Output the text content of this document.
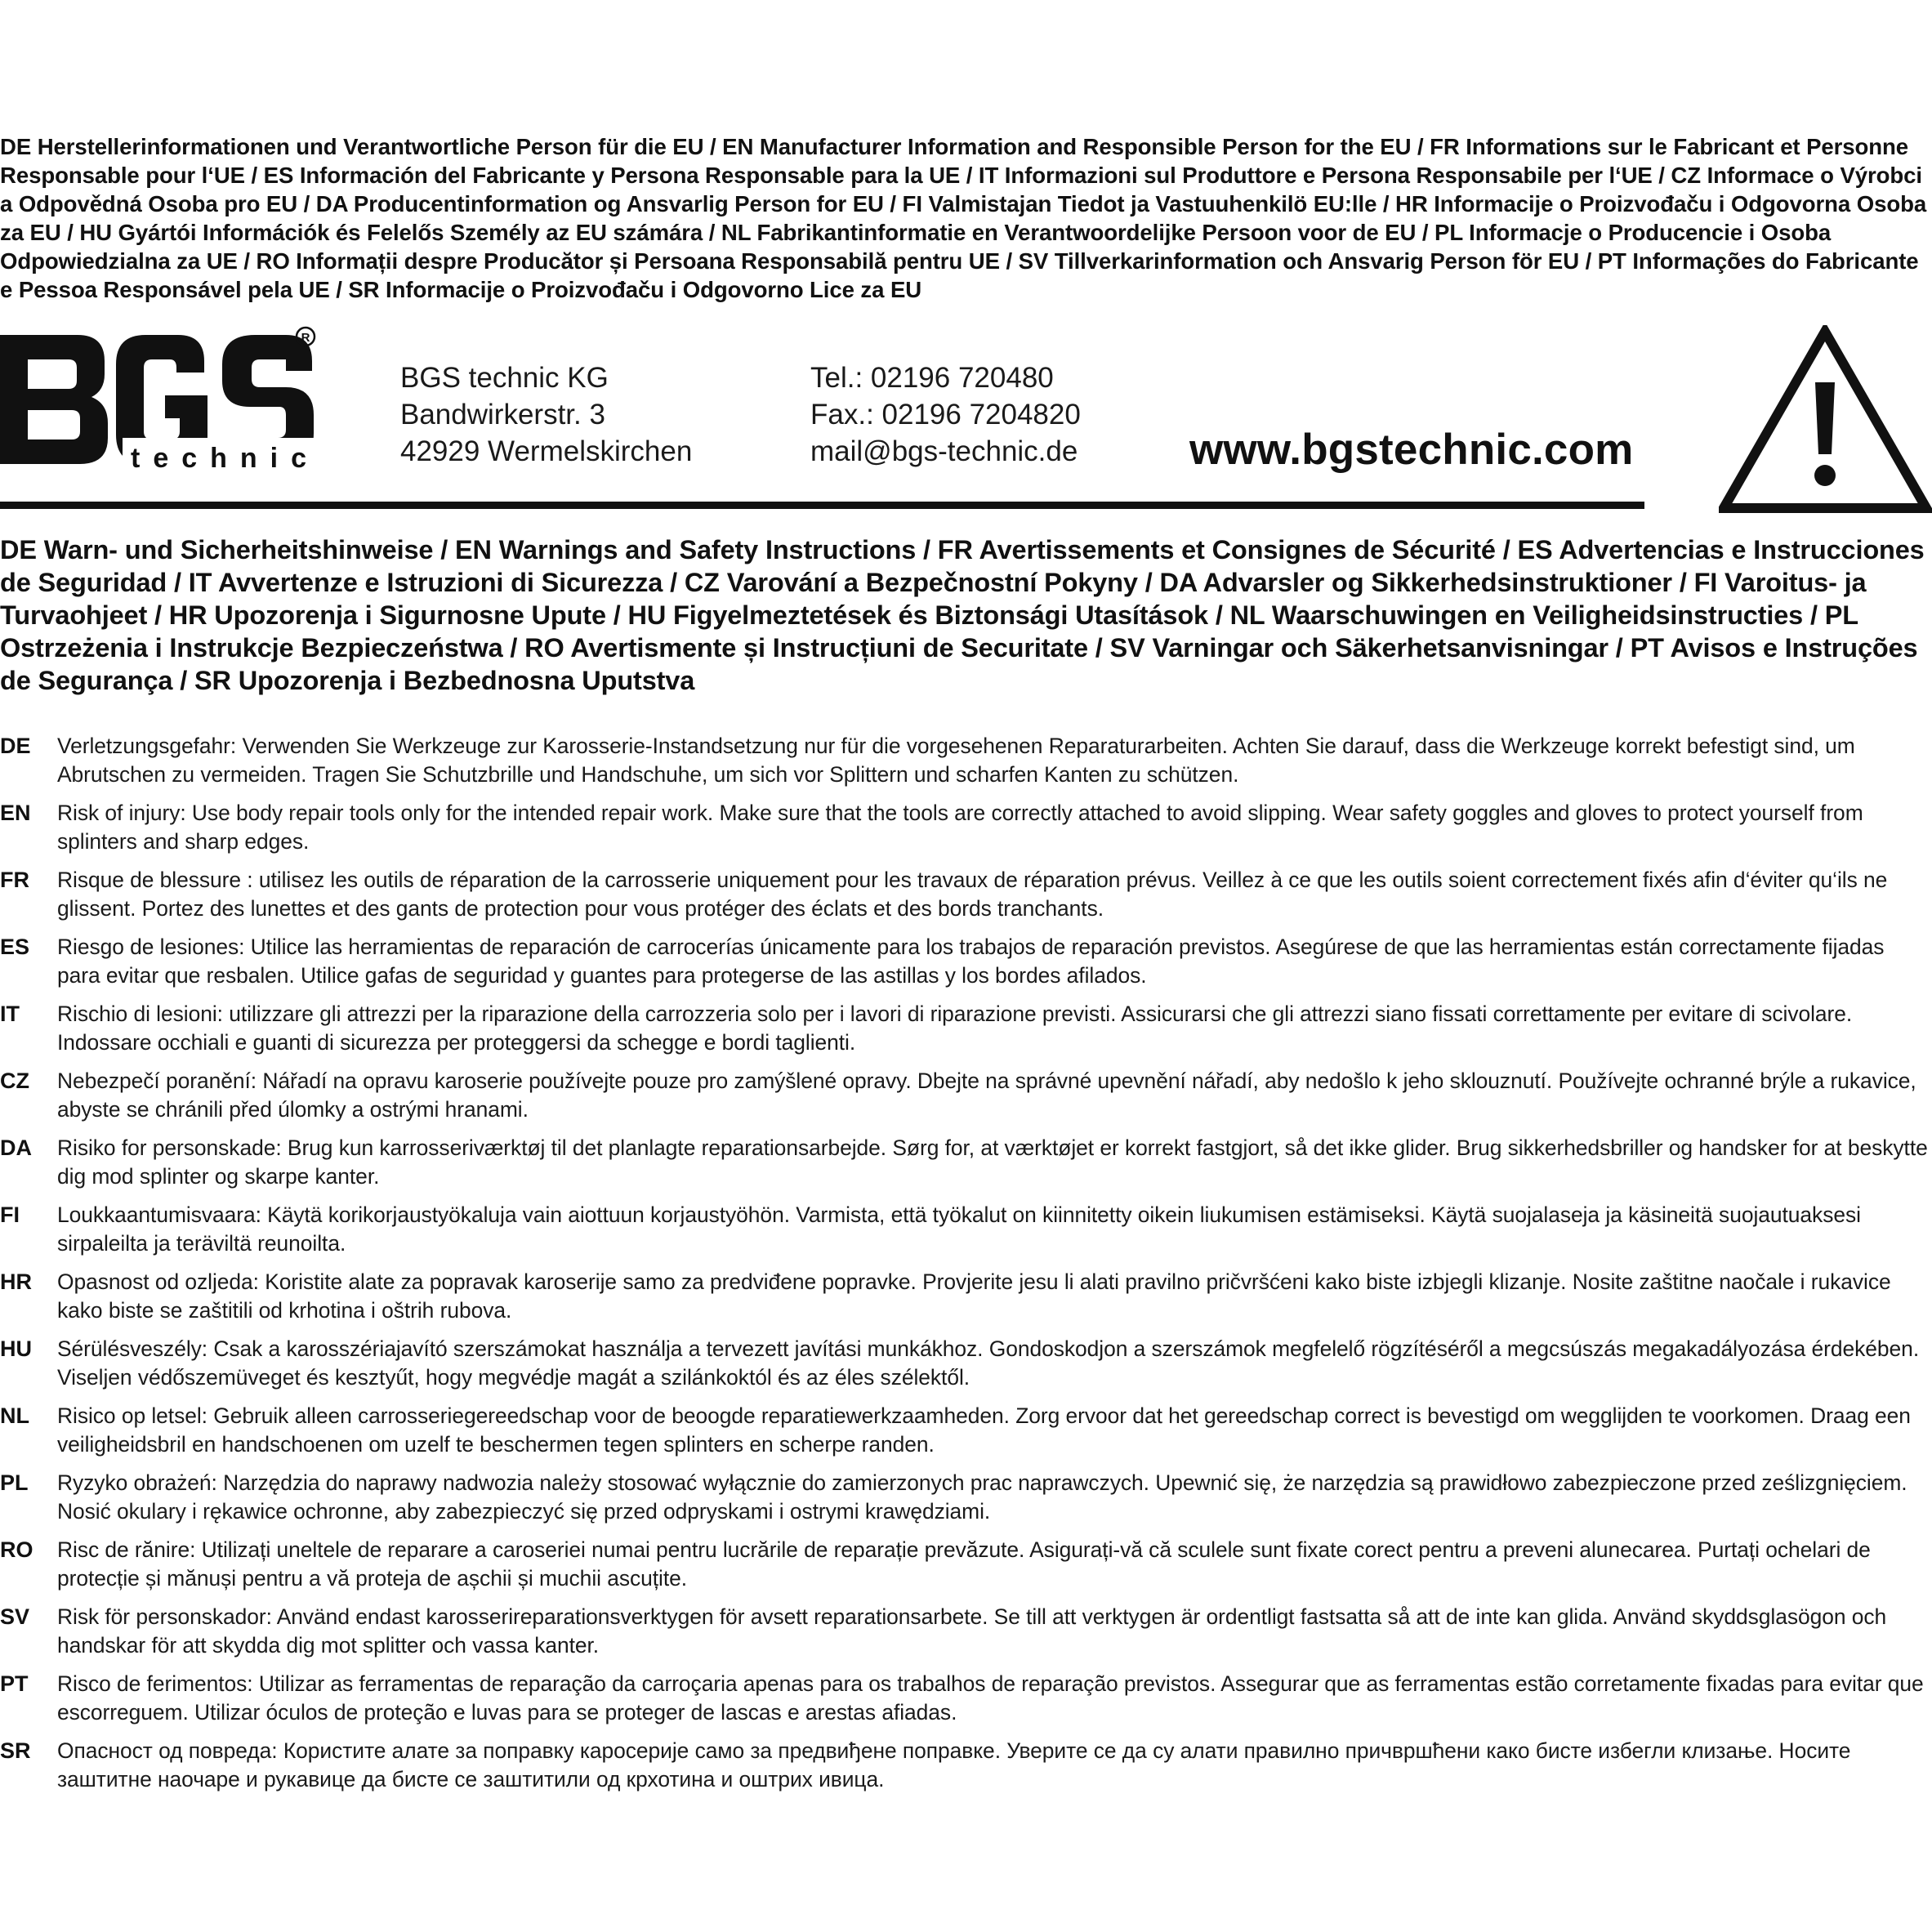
DE Herstellerinformationen und Verantwortliche Person für die EU / EN Manufacturer Information and Responsible Person for the EU / FR Informations sur le Fabricant et Personne Responsable pour l‘UE / ES Información del Fabricante y Persona Responsable para la UE / IT Informazioni sul Produttore e Persona Responsabile per l‘UE / CZ Informace o Výrobci a Odpovědná Osoba pro EU / DA Producentinformation og Ansvarlig Person for EU / FI Valmistajan Tiedot ja Vastuuhenkilö EU:lle / HR Informacije o Proizvođaču i Odgovorna Osoba za EU / HU Gyártói Információk és Felelős Személy az EU számára / NL Fabrikantinformatie en Verantwoordelijke Persoon voor de EU / PL Informacje o Producencie i Osoba Odpowiedzialna za UE / RO Informații despre Producător și Persoana Responsabilă pentru UE / SV Tillverkarinformation och Ansvarig Person för EU / PT Informações do Fabricante e Pessoa Responsável pela UE / SR Informacije o Proizvođaču i Odgovorno Lice za EU
technic
R
BGS technic KG
Bandwirkerstr. 3
42929 Wermelskirchen
Tel.: 02196 720480
Fax.: 02196 7204820
mail@bgs-technic.de	www.bgstechnic.com
DE Warn- und Sicherheitshinweise / EN Warnings and Safety Instructions / FR Avertissements et Consignes de Sécurité / ES Advertencias e Instrucciones de Seguridad / IT Avvertenze e Istruzioni di Sicurezza / CZ Varování a Bezpečnostní Pokyny / DA Advarsler og Sikkerhedsinstruktioner / FI Varoitus- ja Turvaohjeet / HR Upozorenja i Sigurnosne Upute / HU Figyelmeztetések és Biztonsági Utasítások / NL Waarschuwingen en Veiligheidsinstructies / PL Ostrzeżenia i Instrukcje Bezpieczeństwa / RO Avertismente și Instrucțiuni de Securitate / SV Varningar och Säkerhetsanvisningar / PT Avisos e Instruções de Segurança / SR Upozorenja i Bezbednosna Uputstva
DE Verletzungsgefahr: Verwenden Sie Werkzeuge zur Karosserie-Instandsetzung nur für die vorgesehenen Reparaturarbeiten. Achten Sie darauf, dass die Werkzeuge korrekt befestigt sind, um Abrutschen zu vermeiden. Tragen Sie Schutzbrille und Handschuhe, um sich vor Splittern und scharfen Kanten zu schützen.
EN Risk of injury: Use body repair tools only for the intended repair work. Make sure that the tools are correctly attached to avoid slipping. Wear safety goggles and gloves to protect yourself from splinters and sharp edges.
FR Risque de blessure : utilisez les outils de réparation de la carrosserie uniquement pour les travaux de réparation prévus. Veillez à ce que les outils soient correctement fixés afin d‘éviter qu‘ils ne glissent. Portez des lunettes et des gants de protection pour vous protéger des éclats et des bords tranchants.
ES Riesgo de lesiones: Utilice las herramientas de reparación de carrocerías únicamente para los trabajos de reparación previstos. Asegúrese de que las herramientas están correctamente fijadas para evitar que resbalen. Utilice gafas de seguridad y guantes para protegerse de las astillas y los bordes afilados.
IT Rischio di lesioni: utilizzare gli attrezzi per la riparazione della carrozzeria solo per i lavori di riparazione previsti. Assicurarsi che gli attrezzi siano fissati correttamente per evitare di scivolare. Indossare occhiali e guanti di sicurezza per proteggersi da schegge e bordi taglienti.
CZ Nebezpečí poranění: Nářadí na opravu karoserie používejte pouze pro zamýšlené opravy. Dbejte na správné upevnění nářadí, aby nedošlo k jeho sklouznutí. Používejte ochranné brýle a rukavice, abyste se chránili před úlomky a ostrými hranami.
DA Risiko for personskade: Brug kun karrosseriværktøj til det planlagte reparationsarbejde. Sørg for, at værktøjet er korrekt fastgjort, så det ikke glider. Brug sikkerhedsbriller og handsker for at beskytte dig mod splinter og skarpe kanter.
FI Loukkaantumisvaara: Käytä korikorjaustyökaluja vain aiottuun korjaustyöhön. Varmista, että työkalut on kiinnitetty oikein liukumisen estämiseksi. Käytä suojalaseja ja käsineitä suojautuaksesi sirpaleilta ja teräviltä reunoilta.
HR Opasnost od ozljeda: Koristite alate za popravak karoserije samo za predviđene popravke. Provjerite jesu li alati pravilno pričvršćeni kako biste izbjegli klizanje. Nosite zaštitne naočale i rukavice kako biste se zaštitili od krhotina i oštrih rubova.
HU Sérülésveszély: Csak a karosszériajavító szerszámokat használja a tervezett javítási munkákhoz. Gondoskodjon a szerszámok megfelelő rögzítéséről a megcsúszás megakadályozása érdekében. Viseljen védőszemüveget és kesztyűt, hogy megvédje magát a szilánkoktól és az éles szélektől.
NL Risico op letsel: Gebruik alleen carrosseriegereedschap voor de beoogde reparatiewerkzaamheden. Zorg ervoor dat het gereedschap correct is bevestigd om wegglijden te voorkomen. Draag een veiligheidsbril en handschoenen om uzelf te beschermen tegen splinters en scherpe randen.
PL Ryzyko obrażeń: Narzędzia do naprawy nadwozia należy stosować wyłącznie do zamierzonych prac naprawczych. Upewnić się, że narzędzia są prawidłowo zabezpieczone przed ześlizgnięciem. Nosić okulary i rękawice ochronne, aby zabezpieczyć się przed odpryskami i ostrymi krawędziami.
RO Risc de rănire: Utilizați uneltele de reparare a caroseriei numai pentru lucrările de reparație prevăzute. Asigurați-vă că sculele sunt fixate corect pentru a preveni alunecarea. Purtați ochelari de protecție și mănuși pentru a vă proteja de așchii și muchii ascuțite.
SV Risk för personskador: Använd endast karosserireparationsverktygen för avsett reparationsarbete. Se till att verktygen är ordentligt fastsatta så att de inte kan glida. Använd skyddsglasögon och handskar för att skydda dig mot splitter och vassa kanter.
PT Risco de ferimentos: Utilizar as ferramentas de reparação da carroçaria apenas para os trabalhos de reparação previstos. Assegurar que as ferramentas estão corretamente fixadas para evitar que escorreguem. Utilizar óculos de proteção e luvas para se proteger de lascas e arestas afiadas.
SR Опасност од повреда: Користите алате за поправку каросерије само за предвиђене поправке. Уверите се да су алати правилно причвршћени како бисте избегли клизање. Носите заштитне наочаре и рукавице да бисте се заштитили од крхотина и оштрих ивица.
